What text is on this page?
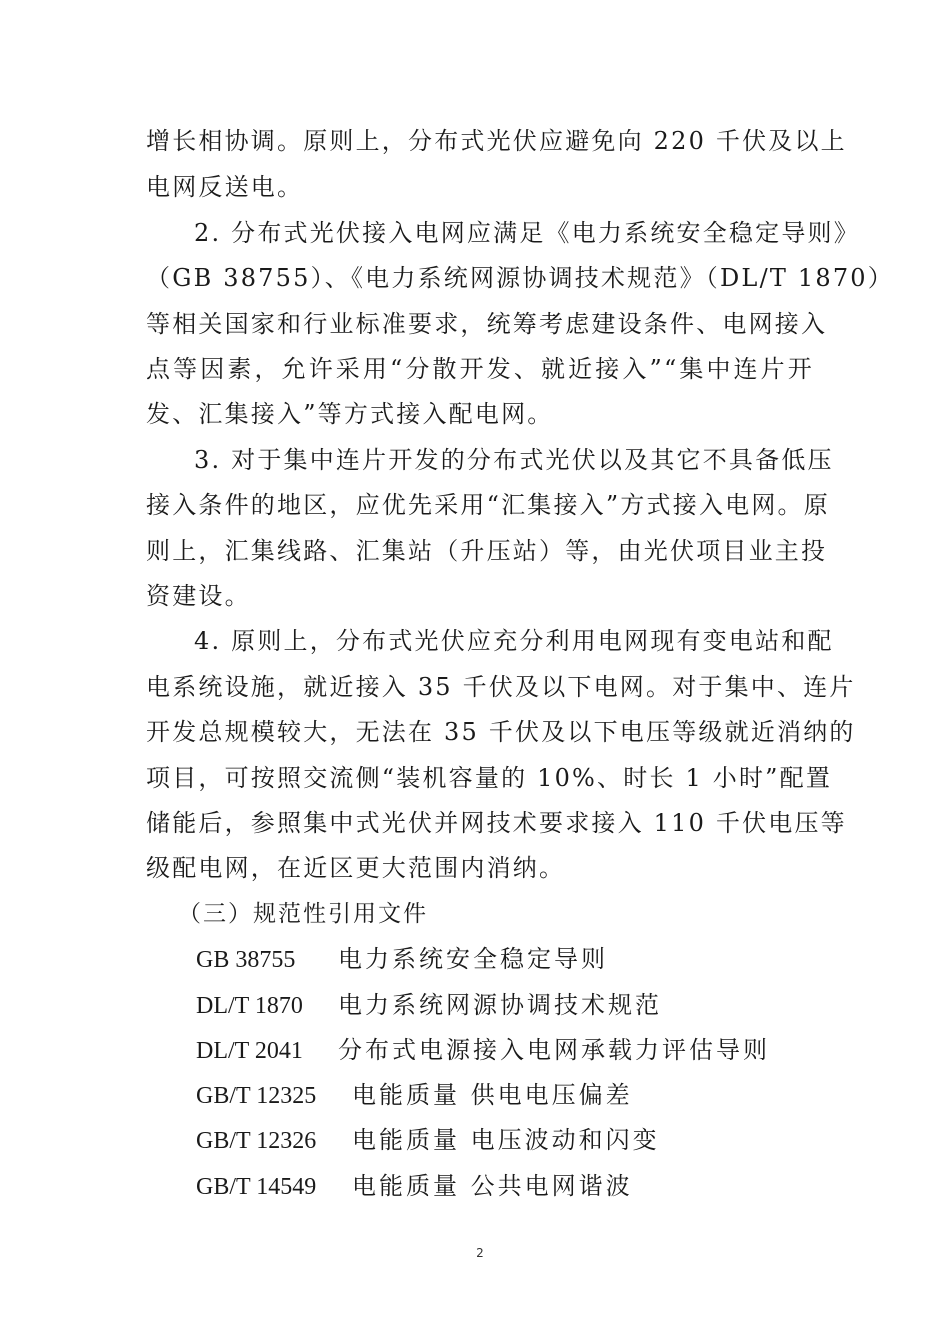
增长相协调。原则上，分布式光伏应避免向 220 千伏及以上
电网反送电。
2. 分布式光伏接入电网应满足《电力系统安全稳定导则》
（GB 38755）、《电力系统网源协调技术规范》（DL/T 1870）
等相关国家和行业标准要求，统筹考虑建设条件、电网接入
点等因素，允许采用“分散开发、就近接入”“集中连片开
发、汇集接入”等方式接入配电网。
3. 对于集中连片开发的分布式光伏以及其它不具备低压
接入条件的地区，应优先采用“汇集接入”方式接入电网。原
则上，汇集线路、汇集站（升压站）等，由光伏项目业主投
资建设。
4. 原则上，分布式光伏应充分利用电网现有变电站和配
电系统设施，就近接入 35 千伏及以下电网。对于集中、连片
开发总规模较大，无法在 35 千伏及以下电压等级就近消纳的
项目，可按照交流侧“装机容量的 10%、时长 1 小时”配置
储能后，参照集中式光伏并网技术要求接入 110 千伏电压等
级配电网，在近区更大范围内消纳。
（三）规范性引用文件
GB 38755 电力系统安全稳定导则
DL/T 1870 电力系统网源协调技术规范
DL/T 2041 分布式电源接入电网承载力评估导则
GB/T 12325 电能质量 供电电压偏差
GB/T 12326 电能质量 电压波动和闪变
GB/T 14549 电能质量 公共电网谐波
2
